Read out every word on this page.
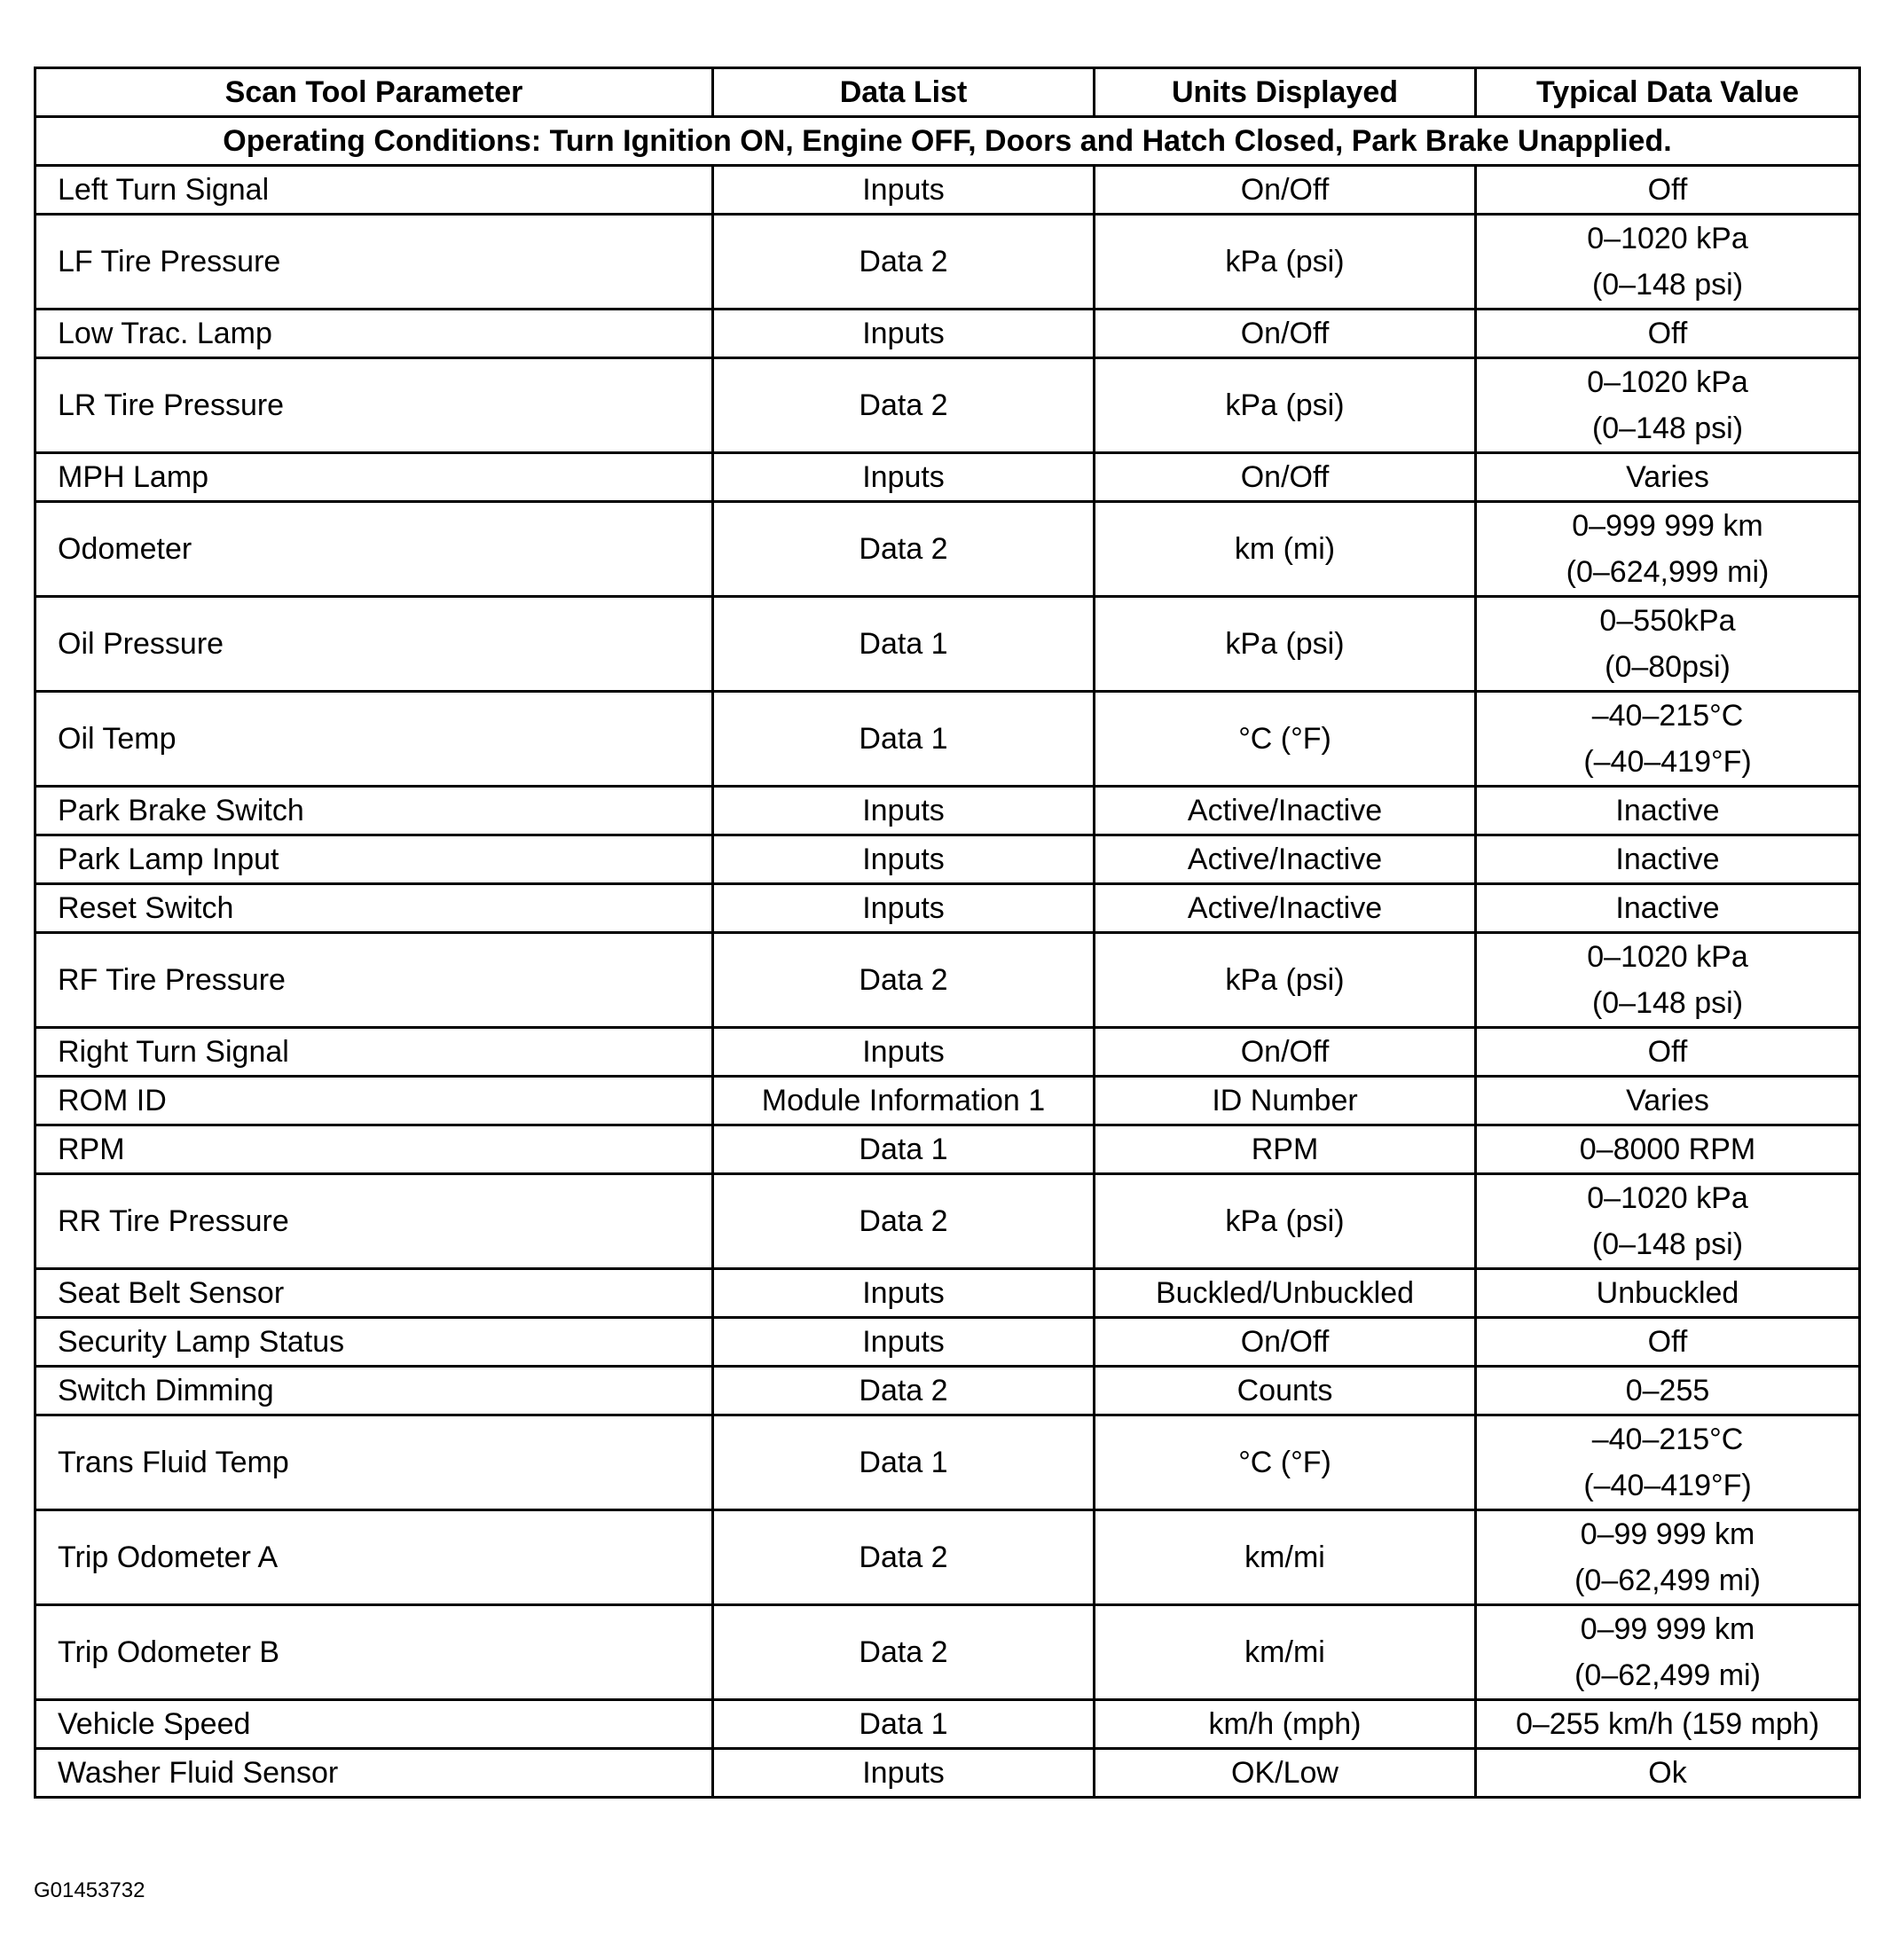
Scan Tool Parameter	Data List	Units Displayed	Typical Data Value
Operating Conditions: Turn Ignition ON, Engine OFF, Doors and Hatch Closed, Park Brake Unapplied.			
Left Turn Signal	Inputs	On/Off	Off

LF Tire Pressure	Data 2	kPa (psi)	0–1020 kPa
(0–148 psi)

Low Trac. Lamp	Inputs	On/Off	Off

LR Tire Pressure	Data 2	kPa (psi)	0–1020 kPa
(0–148 psi)

MPH Lamp	Inputs	On/Off	Varies

Odometer	Data 2	km (mi)	0–999 999 km
(0–624,999 mi)

Oil Pressure	Data 1	kPa (psi)	0–550kPa
(0–80psi)

Oil Temp	Data 1	°C (°F)	–40–215°C
(–40–419°F)

Park Brake Switch	Inputs	Active/Inactive	Inactive

Park Lamp Input	Inputs	Active/Inactive	Inactive

Reset Switch	Inputs	Active/Inactive	Inactive

RF Tire Pressure	Data 2	kPa (psi)	0–1020 kPa
(0–148 psi)

Right Turn Signal	Inputs	On/Off	Off

ROM ID	Module Information 1	ID Number	Varies

RPM	Data 1	RPM	0–8000 RPM

RR Tire Pressure	Data 2	kPa (psi)	0–1020 kPa
(0–148 psi)

Seat Belt Sensor	Inputs	Buckled/Unbuckled	Unbuckled

Security Lamp Status	Inputs	On/Off	Off

Switch Dimming	Data 2	Counts	0–255

Trans Fluid Temp	Data 1	°C (°F)	–40–215°C
(–40–419°F)

Trip Odometer A	Data 2	km/mi	0–99 999 km
(0–62,499 mi)

Trip Odometer B	Data 2	km/mi	0–99 999 km
(0–62,499 mi)

Vehicle Speed	Data 1	km/h (mph)	0–255 km/h (159 mph)

Washer Fluid Sensor	Inputs	OK/Low	Ok
G01453732
